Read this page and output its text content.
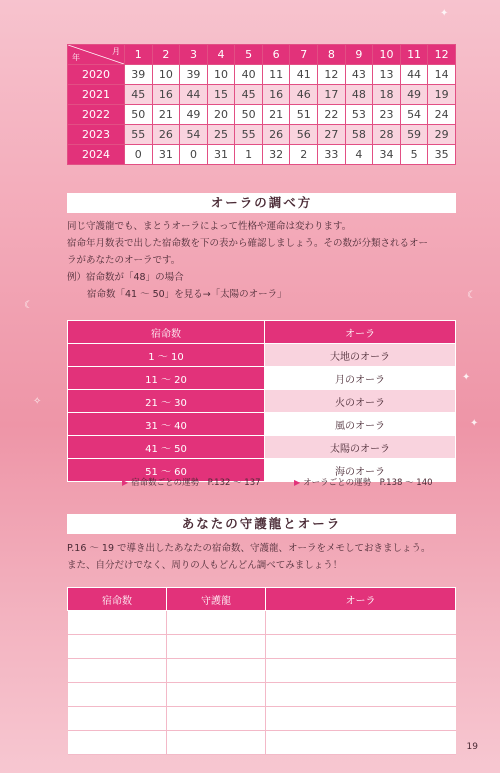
☾
✦
☾
✧
✦
✦
月
年	1	2	3	4	5	6	7	8	9	10	11	12
2020	39	10	39	10	40	11	41	12	43	13	44	14
2021	45	16	44	15	45	16	46	17	48	18	49	19
2022	50	21	49	20	50	21	51	22	53	23	54	24
2023	55	26	54	25	55	26	56	27	58	28	59	29
2024	0	31	0	31	1	32	2	33	4	34	5	35
オーラの調べ方
同じ守護龍でも、まとうオーラによって性格や運命は変わります。
宿命年月数表で出した宿命数を下の表から確認しましょう。その数が分類されるオー
ラがあなたのオーラです。
例）宿命数が「48」の場合
宿命数「41 ～ 50」を見る→「太陽のオーラ」
宿命数	オーラ
1 ～ 10	大地のオーラ
11 ～ 20	月のオーラ
21 ～ 30	火のオーラ
31 ～ 40	風のオーラ
41 ～ 50	太陽のオーラ
51 ～ 60	海のオーラ
▶ 宿命数ごとの運勢　P.132 ～ 137	▶ オーラごとの運勢　P.138 ～ 140
あなたの守護龍とオーラ
P.16 ～ 19 で導き出したあなたの宿命数、守護龍、オーラをメモしておきましょう。
また、自分だけでなく、周りの人もどんどん調べてみましょう！
宿命数	守護龍	オーラ

19
